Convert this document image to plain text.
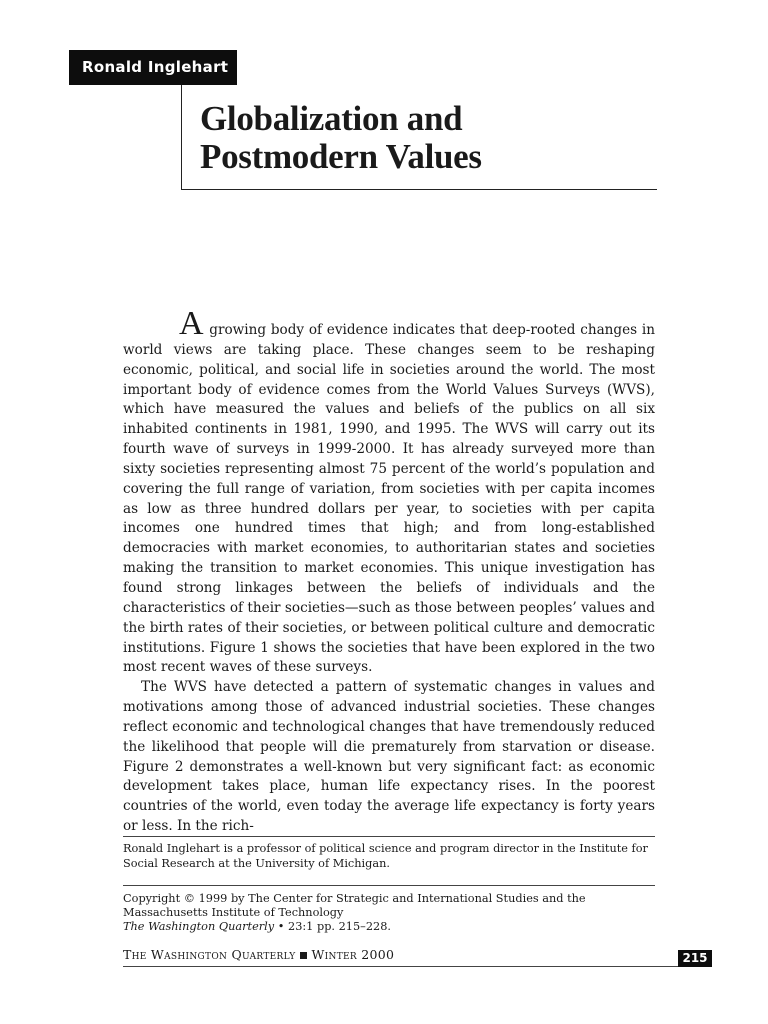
Ronald Inglehart
Globalization and
Postmodern Values

A growing body of evidence indicates that deep-rooted changes in world views are taking place. These changes seem to be reshaping economic, political, and social life in societies around the world. The most important body of evidence comes from the World Values Surveys (WVS), which have measured the values and beliefs of the publics on all six inhabited continents in 1981, 1990, and 1995. The WVS will carry out its fourth wave of surveys in 1999-2000. It has already surveyed more than sixty societies representing almost 75 percent of the world’s population and covering the full range of variation, from societies with per capita incomes as low as three hundred dollars per year, to societies with per capita incomes one hundred times that high; and from long-established democracies with market economies, to authoritarian states and societies making the transition to market economies. This unique investigation has found strong linkages between the beliefs of individuals and the characteristics of their societies—such as those between peoples’ values and the birth rates of their societies, or between political culture and democratic institutions. Figure 1 shows the societies that have been explored in the two most recent waves of these surveys.

The WVS have detected a pattern of systematic changes in values and motivations among those of advanced industrial societies. These changes reflect economic and technological changes that have tremendously reduced the likelihood that people will die prematurely from starvation or disease. Figure 2 demonstrates a well-known but very significant fact: as economic development takes place, human life expectancy rises. In the poorest countries of the world, even today the average life expectancy is forty years or less. In the rich-

Ronald Inglehart is a professor of political science and program director in the Institute for Social Research at the University of Michigan.

Copyright © 1999 by The Center for Strategic and International Studies and the
Massachusetts Institute of Technology
The Washington Quarterly • 23:1 pp. 215–228.
The Washington Quarterly Winter 2000	215
